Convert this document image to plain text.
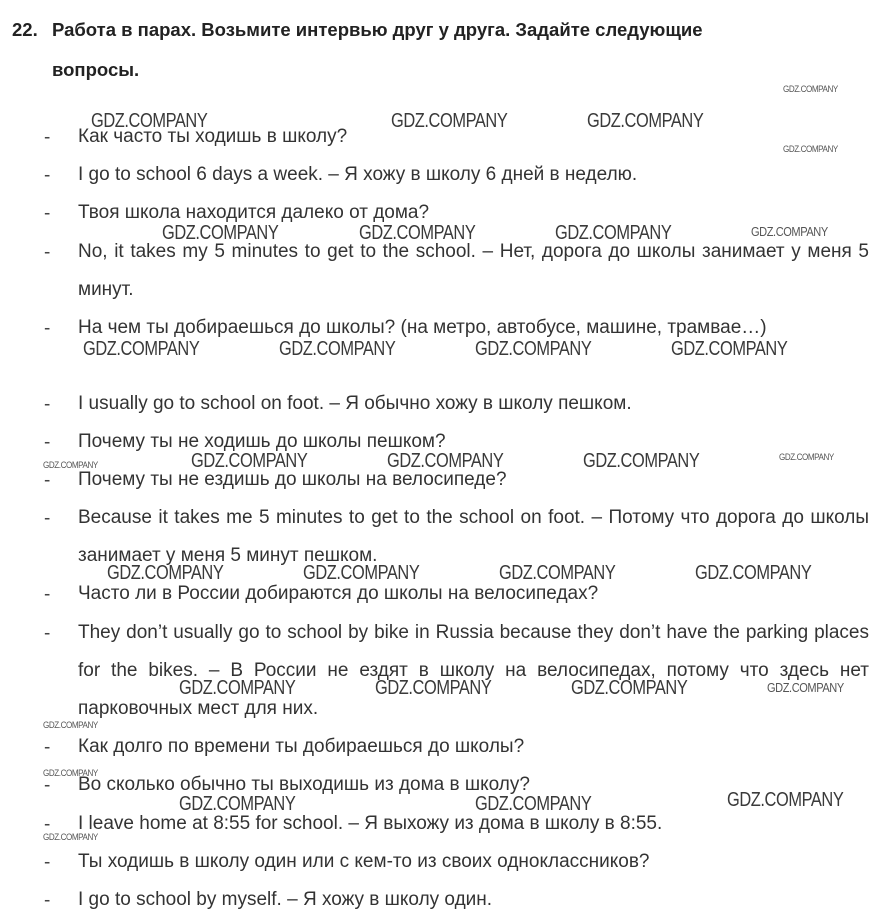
22. Работа в парах. Возьмите интервью друг у друга. Задайте следующие
вопросы.
- Как часто ты ходишь в школу?
- I go to school 6 days a week. – Я хожу в школу 6 дней в неделю.
- Твоя школа находится далеко от дома?
- No, it takes my 5 minutes to get to the school. – Нет, дорога до школы занимает у меня 5 минут.
- На чем ты добираешься до школы? (на метро, автобусе, машине, трамвае…)
- I usually go to school on foot. – Я обычно хожу в школу пешком.
- Почему ты не ходишь до школы пешком?
- Почему ты не ездишь до школы на велосипеде?
- Because it takes me 5 minutes to get to the school on foot. – Потому что дорога до школы занимает у меня 5 минут пешком.
- Часто ли в России добираются до школы на велосипедах?
- They don’t usually go to school by bike in Russia because they don’t have the parking places for the bikes. – В России не ездят в школу на велосипедах, потому что здесь нет парковочных мест для них.
- Как долго по времени ты добираешься до школы?
- Во сколько обычно ты выходишь из дома в школу?
- I leave home at 8:55 for school. – Я выхожу из дома в школу в 8:55.
- Ты ходишь в школу один или с кем-то из своих одноклассников?
- I go to school by myself. – Я хожу в школу один.
GDZ.COMPANY	GDZ.COMPANY	GDZ.COMPANY
GDZ.COMPANY
GDZ.COMPANY
GDZ.COMPANY	GDZ.COMPANY	GDZ.COMPANY	GDZ.COMPANY
GDZ.COMPANY	GDZ.COMPANY	GDZ.COMPANY	GDZ.COMPANY
GDZ.COMPANY	GDZ.COMPANY	GDZ.COMPANY	GDZ.COMPANY	GDZ.COMPANY
GDZ.COMPANY	GDZ.COMPANY	GDZ.COMPANY	GDZ.COMPANY
GDZ.COMPANY	GDZ.COMPANY	GDZ.COMPANY	GDZ.COMPANY
GDZ.COMPANY
GDZ.COMPANY
GDZ.COMPANY	GDZ.COMPANY	GDZ.COMPANY
GDZ.COMPANY
